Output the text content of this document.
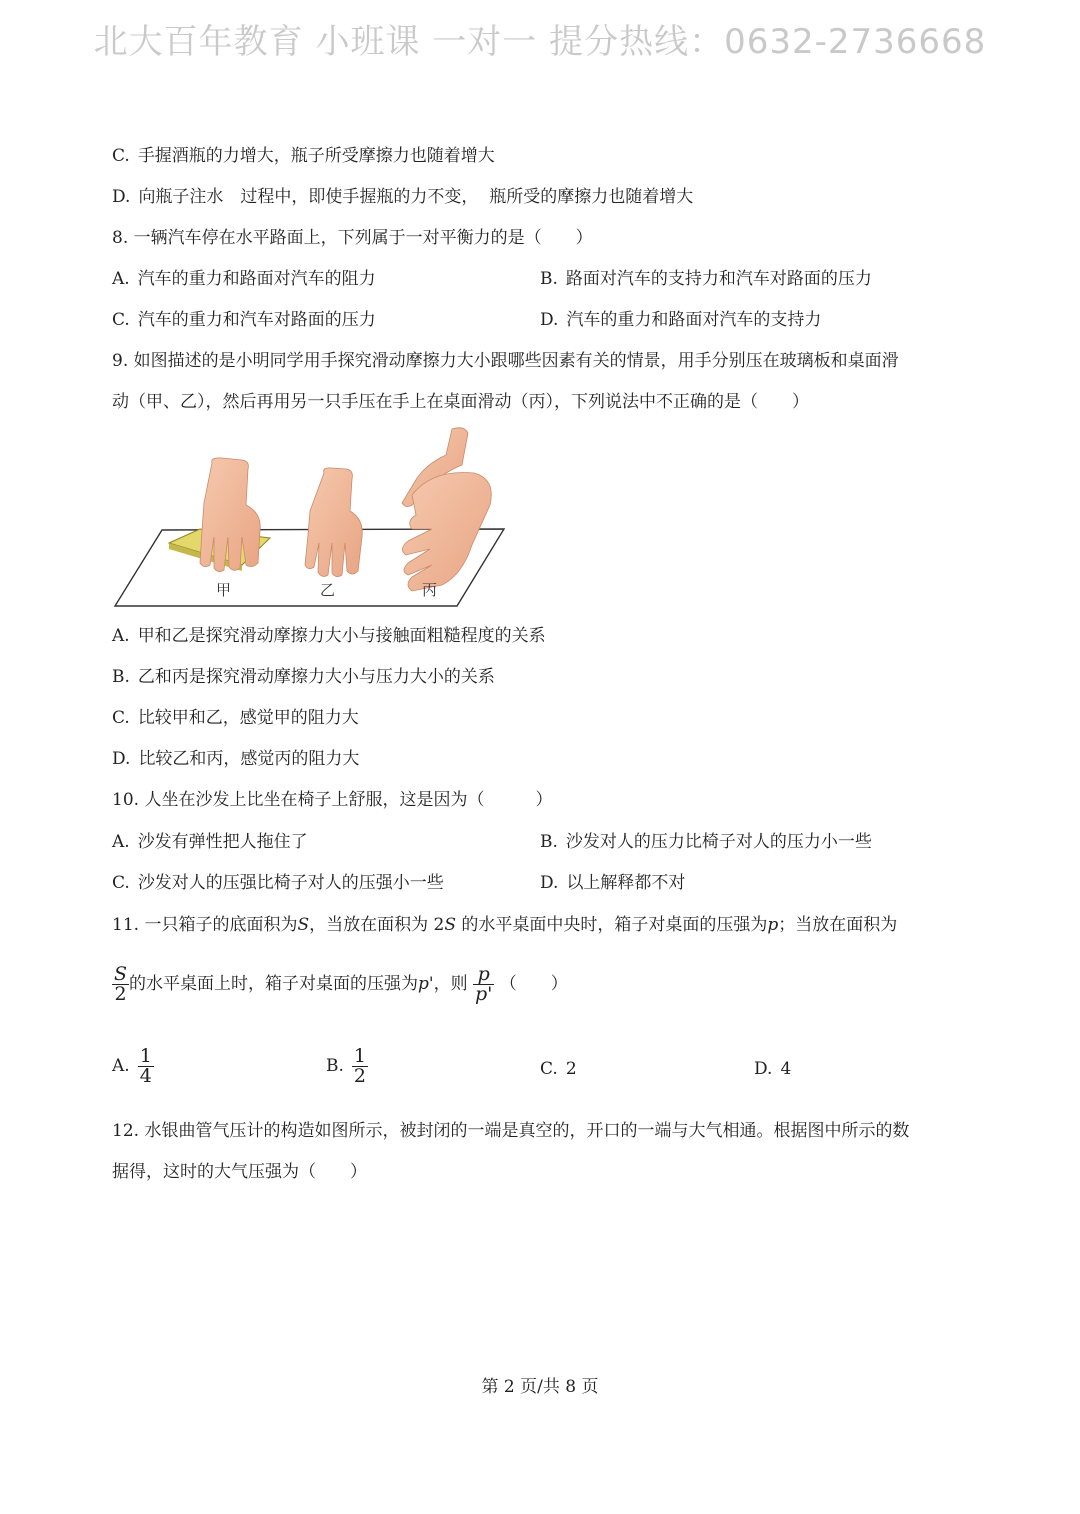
北大百年教育 小班课 一对一 提分热线：0632-2736668
C. 手握酒瓶的力增大，瓶子所受摩擦力也随着增大
D. 向瓶子注水　过程中，即使手握瓶的力不变，  瓶所受的摩擦力也随着增大
8. 一辆汽车停在水平路面上，下列属于一对平衡力的是（　　）
A. 汽车的重力和路面对汽车的阻力	B. 路面对汽车的支持力和汽车对路面的压力
C. 汽车的重力和汽车对路面的压力	D. 汽车的重力和路面对汽车的支持力
9. 如图描述的是小明同学用手探究滑动摩擦力大小跟哪些因素有关的情景，用手分别压在玻璃板和桌面滑
动（甲、乙），然后再用另一只手压在手上在桌面滑动（丙），下列说法中不正确的是（　　）
甲	乙	丙
A. 甲和乙是探究滑动摩擦力大小与接触面粗糙程度的关系
B. 乙和丙是探究滑动摩擦力大小与压力大小的关系
C. 比较甲和乙，感觉甲的阻力大
D. 比较乙和丙，感觉丙的阻力大
10. 人坐在沙发上比坐在椅子上舒服，这是因为（　　　）
A. 沙发有弹性把人拖住了	B. 沙发对人的压力比椅子对人的压力小一些
C. 沙发对人的压强比椅子对人的压强小一些	D. 以上解释都不对
11. 一只箱子的底面积为S，当放在面积为 2S 的水平桌面中央时，箱子对桌面的压强为p；当放在面积为
$\frac{S}{2}$ 的水平桌面上时，箱子对桌面的压强为p'，则 $\frac{p}{p'}$ （　　）
A. $\frac{1}{4}$	B. $\frac{1}{2}$	C. 2	D. 4
12. 水银曲管气压计的构造如图所示，被封闭的一端是真空的，开口的一端与大气相通。根据图中所示的数
据得，这时的大气压强为（　　）
第 2 页/共 8 页
